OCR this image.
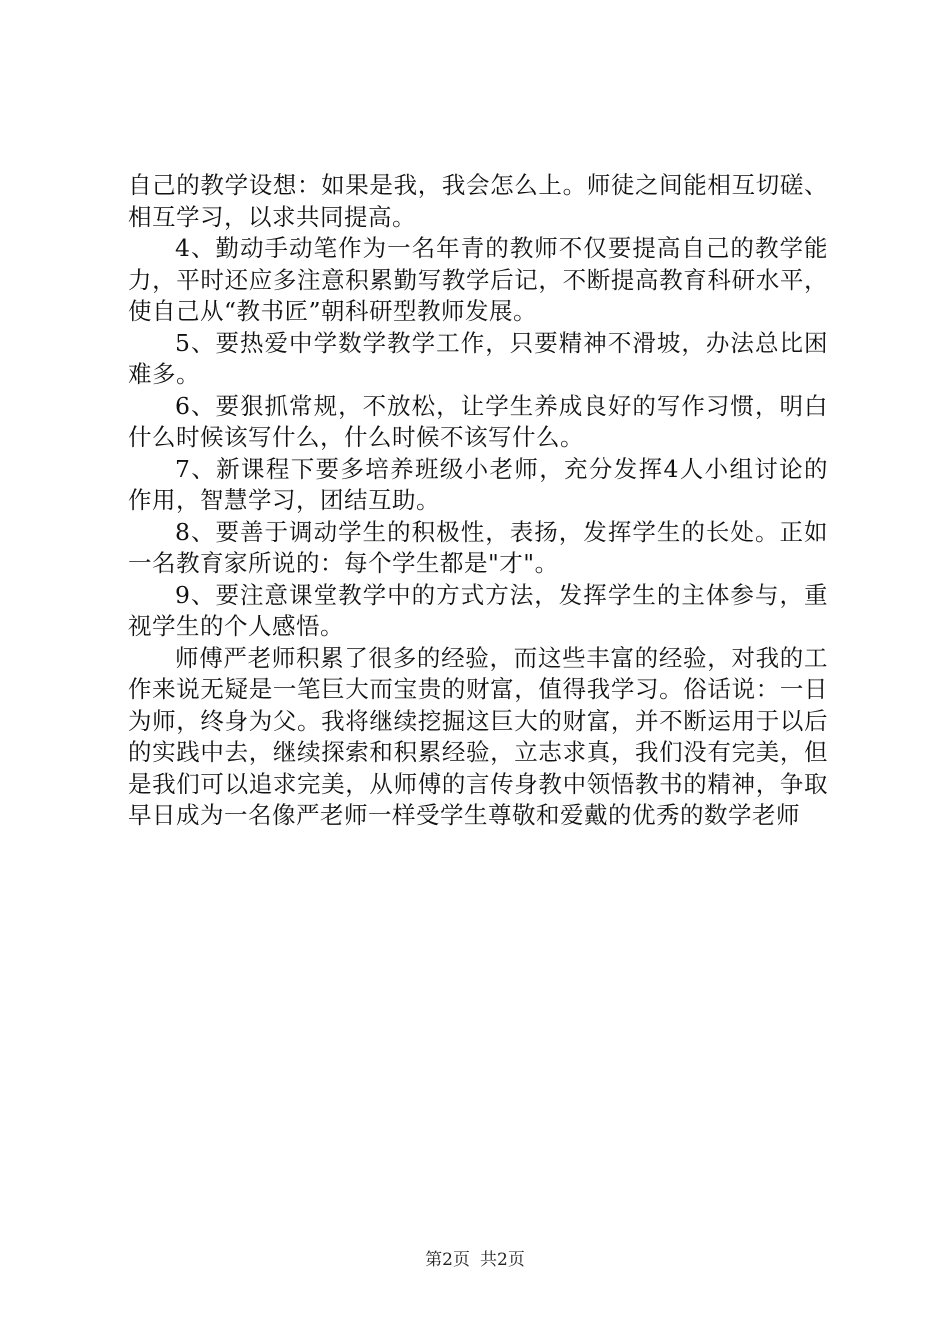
自己的教学设想：如果是我，我会怎么上。师徒之间能相互切磋、相互学习，以求共同提高。

4、勤动手动笔作为一名年青的教师不仅要提高自己的教学能力，平时还应多注意积累勤写教学后记，不断提高教育科研水平，使自己从“教书匠”朝科研型教师发展。

5、要热爱中学数学教学工作，只要精神不滑坡，办法总比困难多。

6、要狠抓常规，不放松，让学生养成良好的写作习惯，明白什么时候该写什么，什么时候不该写什么。

7、新课程下要多培养班级小老师，充分发挥4人小组讨论的作用，智慧学习，团结互助。

8、要善于调动学生的积极性，表扬，发挥学生的长处。正如一名教育家所说的：每个学生都是"才"。

9、要注意课堂教学中的方式方法，发挥学生的主体参与，重视学生的个人感悟。

师傅严老师积累了很多的经验，而这些丰富的经验，对我的工作来说无疑是一笔巨大而宝贵的财富，值得我学习。俗话说：一日为师，终身为父。我将继续挖掘这巨大的财富，并不断运用于以后的实践中去，继续探索和积累经验，立志求真，我们没有完美，但是我们可以追求完美，从师傅的言传身教中领悟教书的精神，争取早日成为一名像严老师一样受学生尊敬和爱戴的优秀的数学老师

第2页 共2页
